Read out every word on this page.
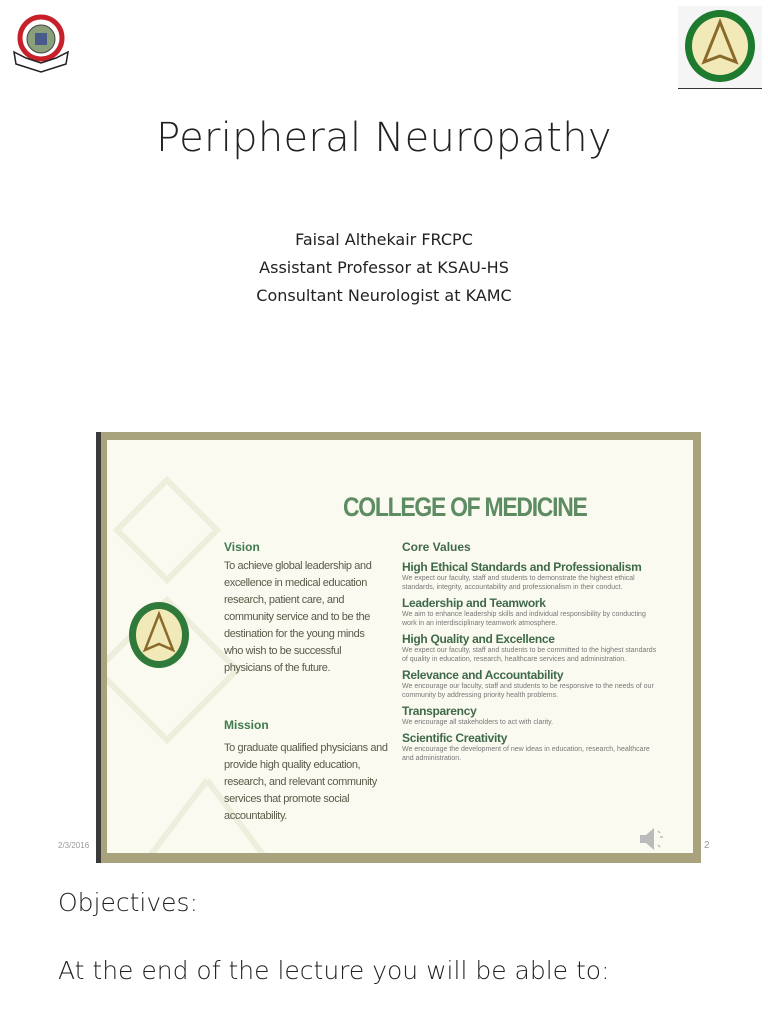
Peripheral Neuropathy
Faisal Althekair FRCPC
Assistant Professor at KSAU-HS
Consultant Neurologist at KAMC
COLLEGE OF MEDICINE
Vision
To achieve global leadership and excellence in medical education research, patient care, and community service and to be the destination for the young minds who wish to be successful physicians of the future.
Mission
To graduate qualified physicians and provide high quality education, research, and relevant community services that promote social accountability.
Core Values
High Ethical Standards and Professionalism
We expect our faculty, staff and students to demonstrate the highest ethical standards, integrity, accountability and professionalism in their conduct.
Leadership and Teamwork
We aim to enhance leadership skills and individual responsibility by conducting work in an interdisciplinary teamwork atmosphere.
High Quality and Excellence
We expect our faculty, staff and students to be committed to the highest standards of quality in education, research, healthcare services and administration.
Relevance and Accountability
We encourage our faculty, staff and students to be responsive to the needs of our community by addressing priority health problems.
Transparency
We encourage all stakeholders to act with clarity.
Scientific Creativity
We encourage the development of new ideas in education, research, healthcare and administration.
2/3/2016	2
Objectives:
At the end of the lecture you will be able to:
